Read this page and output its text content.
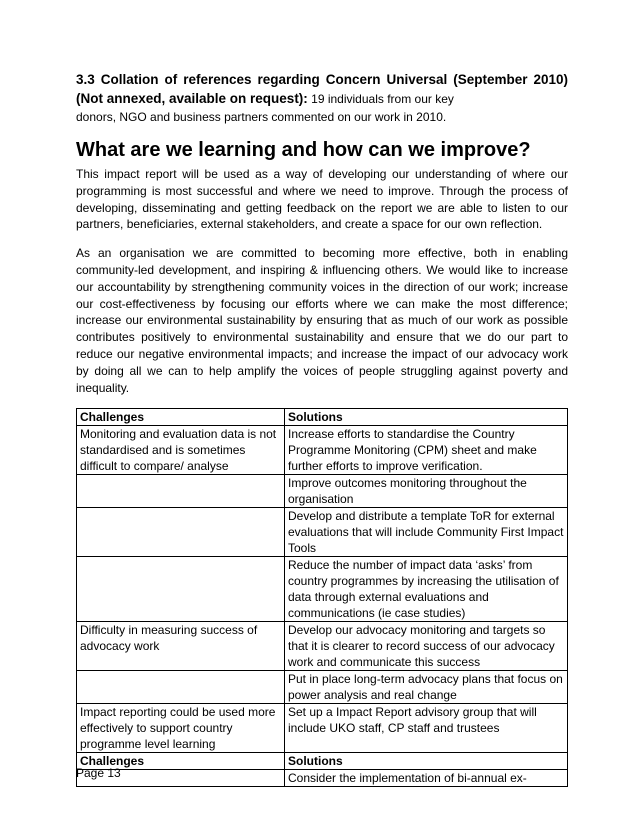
3.3 Collation of references regarding Concern Universal (September 2010) (Not annexed, available on request): 19 individuals from our key

donors, NGO and business partners commented on our work in 2010.

What are we learning and how can we improve?

This impact report will be used as a way of developing our understanding of where our programming is most successful and where we need to improve. Through the process of developing, disseminating and getting feedback on the report we are able to listen to our partners, beneficiaries, external stakeholders, and create a space for our own reflection.

As an organisation we are committed to becoming more effective, both in enabling community-led development, and inspiring & influencing others. We would like to increase our accountability by strengthening community voices in the direction of our work; increase our cost-effectiveness by focusing our efforts where we can make the most difference; increase our environmental sustainability by ensuring that as much of our work as possible contributes positively to environmental sustainability and ensure that we do our part to reduce our negative environmental impacts; and increase the impact of our advocacy work by doing all we can to help amplify the voices of people struggling against poverty and inequality.

Challenges	Solutions
Monitoring and evaluation data is not standardised and is sometimes difficult to compare/ analyse	Increase efforts to standardise the Country Programme Monitoring (CPM) sheet and make further efforts to improve verification.
	Improve outcomes monitoring throughout the organisation
	Develop and distribute a template ToR for external evaluations that will include Community First Impact Tools
	Reduce the number of impact data ‘asks’ from country programmes by increasing the utilisation of data through external evaluations and communications (ie case studies)
Difficulty in measuring success of advocacy work	Develop our advocacy monitoring and targets so that it is clearer to record success of our advocacy work and communicate this success
	Put in place long-term advocacy plans that focus on power analysis and real change
Impact reporting could be used more effectively to support country programme level learning	Set up a Impact Report advisory group that will include UKO staff, CP staff and trustees
Challenges	Solutions
	Consider the implementation of bi-annual ex-
Page 13
